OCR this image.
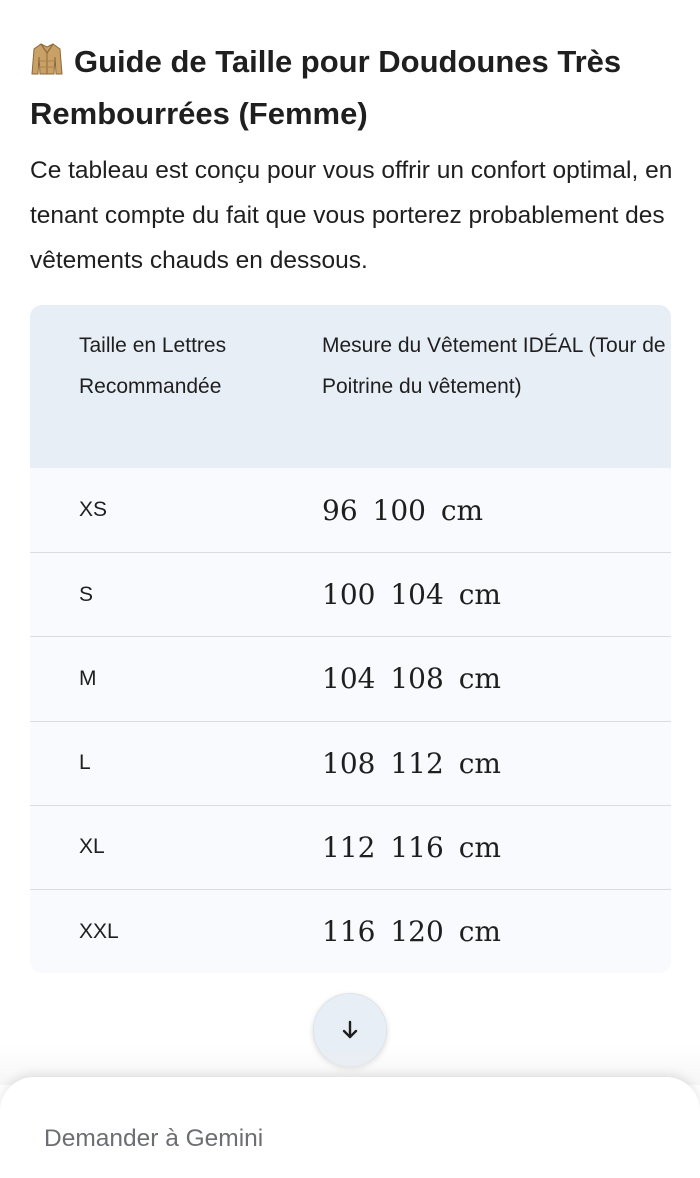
Guide de Taille pour Doudounes Très Rembourrées (Femme)

Ce tableau est conçu pour vous offrir un confort optimal, en tenant compte du fait que vous porterez probablement des vêtements chauds en dessous.

Taille en Lettres Recommandée
Mesure du Vêtement IDÉAL (Tour de Poitrine du vêtement)
XS	96 100 cm
S	100 104 cm
M	104 108 cm
L	108 112 cm
XL	112 116 cm
XXL	116 120 cm
Demander à Gemini
